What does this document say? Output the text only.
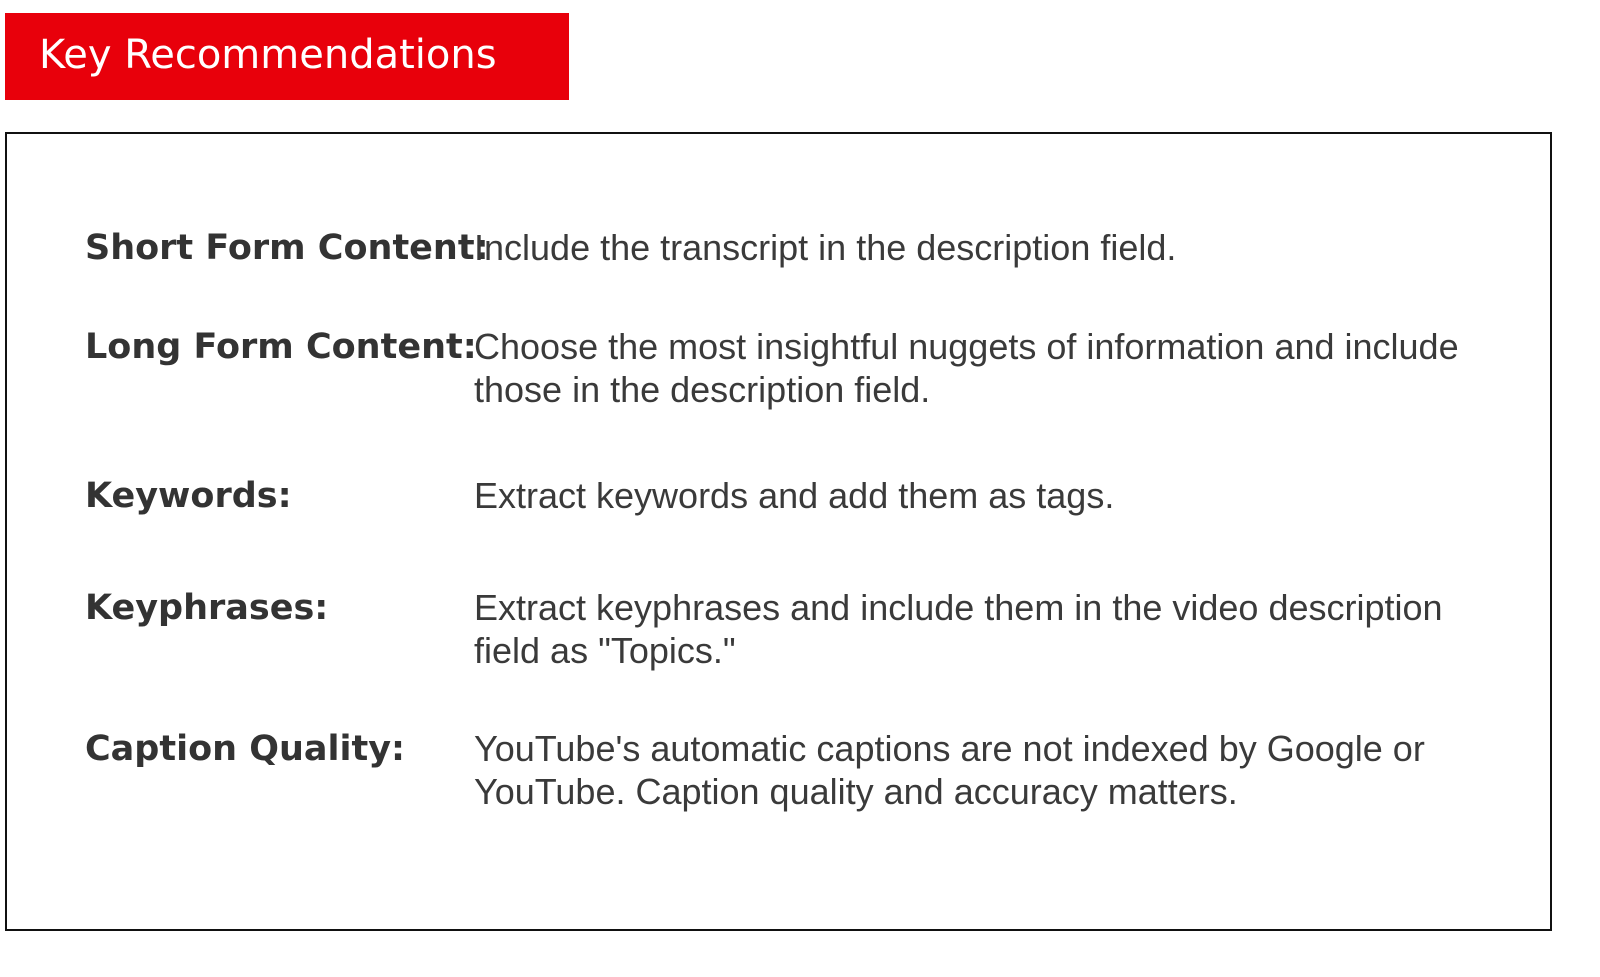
Key Recommendations
Short Form Content:
Include the transcript in the description field.
Long Form Content:
Choose the most insightful nuggets of information and include those in the description field.
Keywords:	Extract keywords and add them as tags.
Keyphrases:	Extract keyphrases and include them in the video description field as "Topics."
Caption Quality: YouTube's automatic captions are not indexed by Google or YouTube. Caption quality and accuracy matters.
